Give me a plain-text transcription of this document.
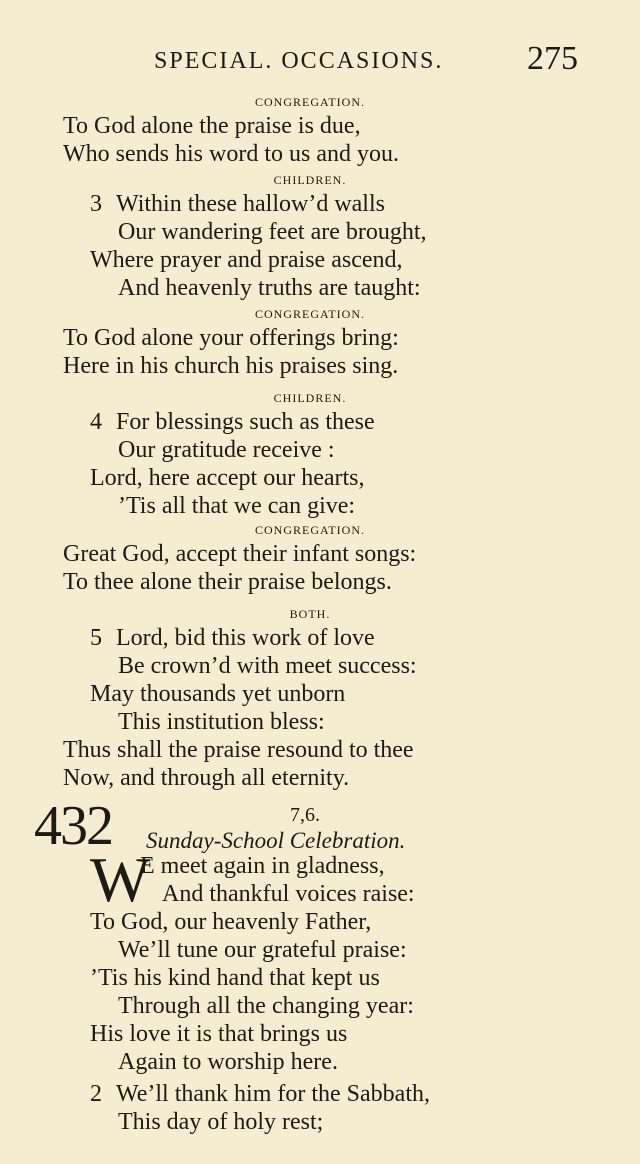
SPECIAL. OCCASIONS. 275
CONGREGATION.
To God alone the praise is due,
Who sends his word to us and you.
CHILDREN.
3 Within these hallow’d walls
Our wandering feet are brought,
Where prayer and praise ascend,
And heavenly truths are taught:
CONGREGATION.
To God alone your offerings bring:
Here in his church his praises sing.
CHILDREN.
4 For blessings such as these
Our gratitude receive :
Lord, here accept our hearts,
’Tis all that we can give:
CONGREGATION.
Great God, accept their infant songs:
To thee alone their praise belongs.
BOTH.
5 Lord, bid this work of love
Be crown’d with meet success:
May thousands yet unborn
This institution bless:
Thus shall the praise resound to thee
Now, and through all eternity.
432	7,6.
Sunday-School Celebration.
W
E meet again in gladness,
And thankful voices raise:
To God, our heavenly Father,
We’ll tune our grateful praise:
’Tis his kind hand that kept us
Through all the changing year:
His love it is that brings us
Again to worship here.
2 We’ll thank him for the Sabbath,
This day of holy rest;
